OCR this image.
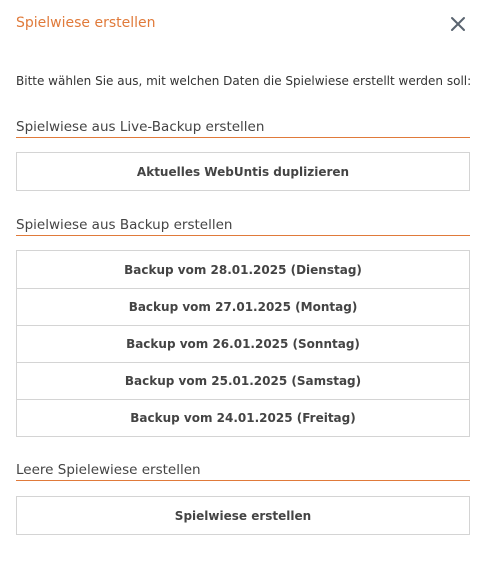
Spielwiese erstellen
Bitte wählen Sie aus, mit welchen Daten die Spielwiese erstellt werden soll:
Spielwiese aus Live-Backup erstellen
Aktuelles WebUntis duplizieren
Spielwiese aus Backup erstellen
Backup vom 28.01.2025 (Dienstag)
Backup vom 27.01.2025 (Montag)
Backup vom 26.01.2025 (Sonntag)
Backup vom 25.01.2025 (Samstag)
Backup vom 24.01.2025 (Freitag)
Leere Spielewiese erstellen
Spielwiese erstellen
